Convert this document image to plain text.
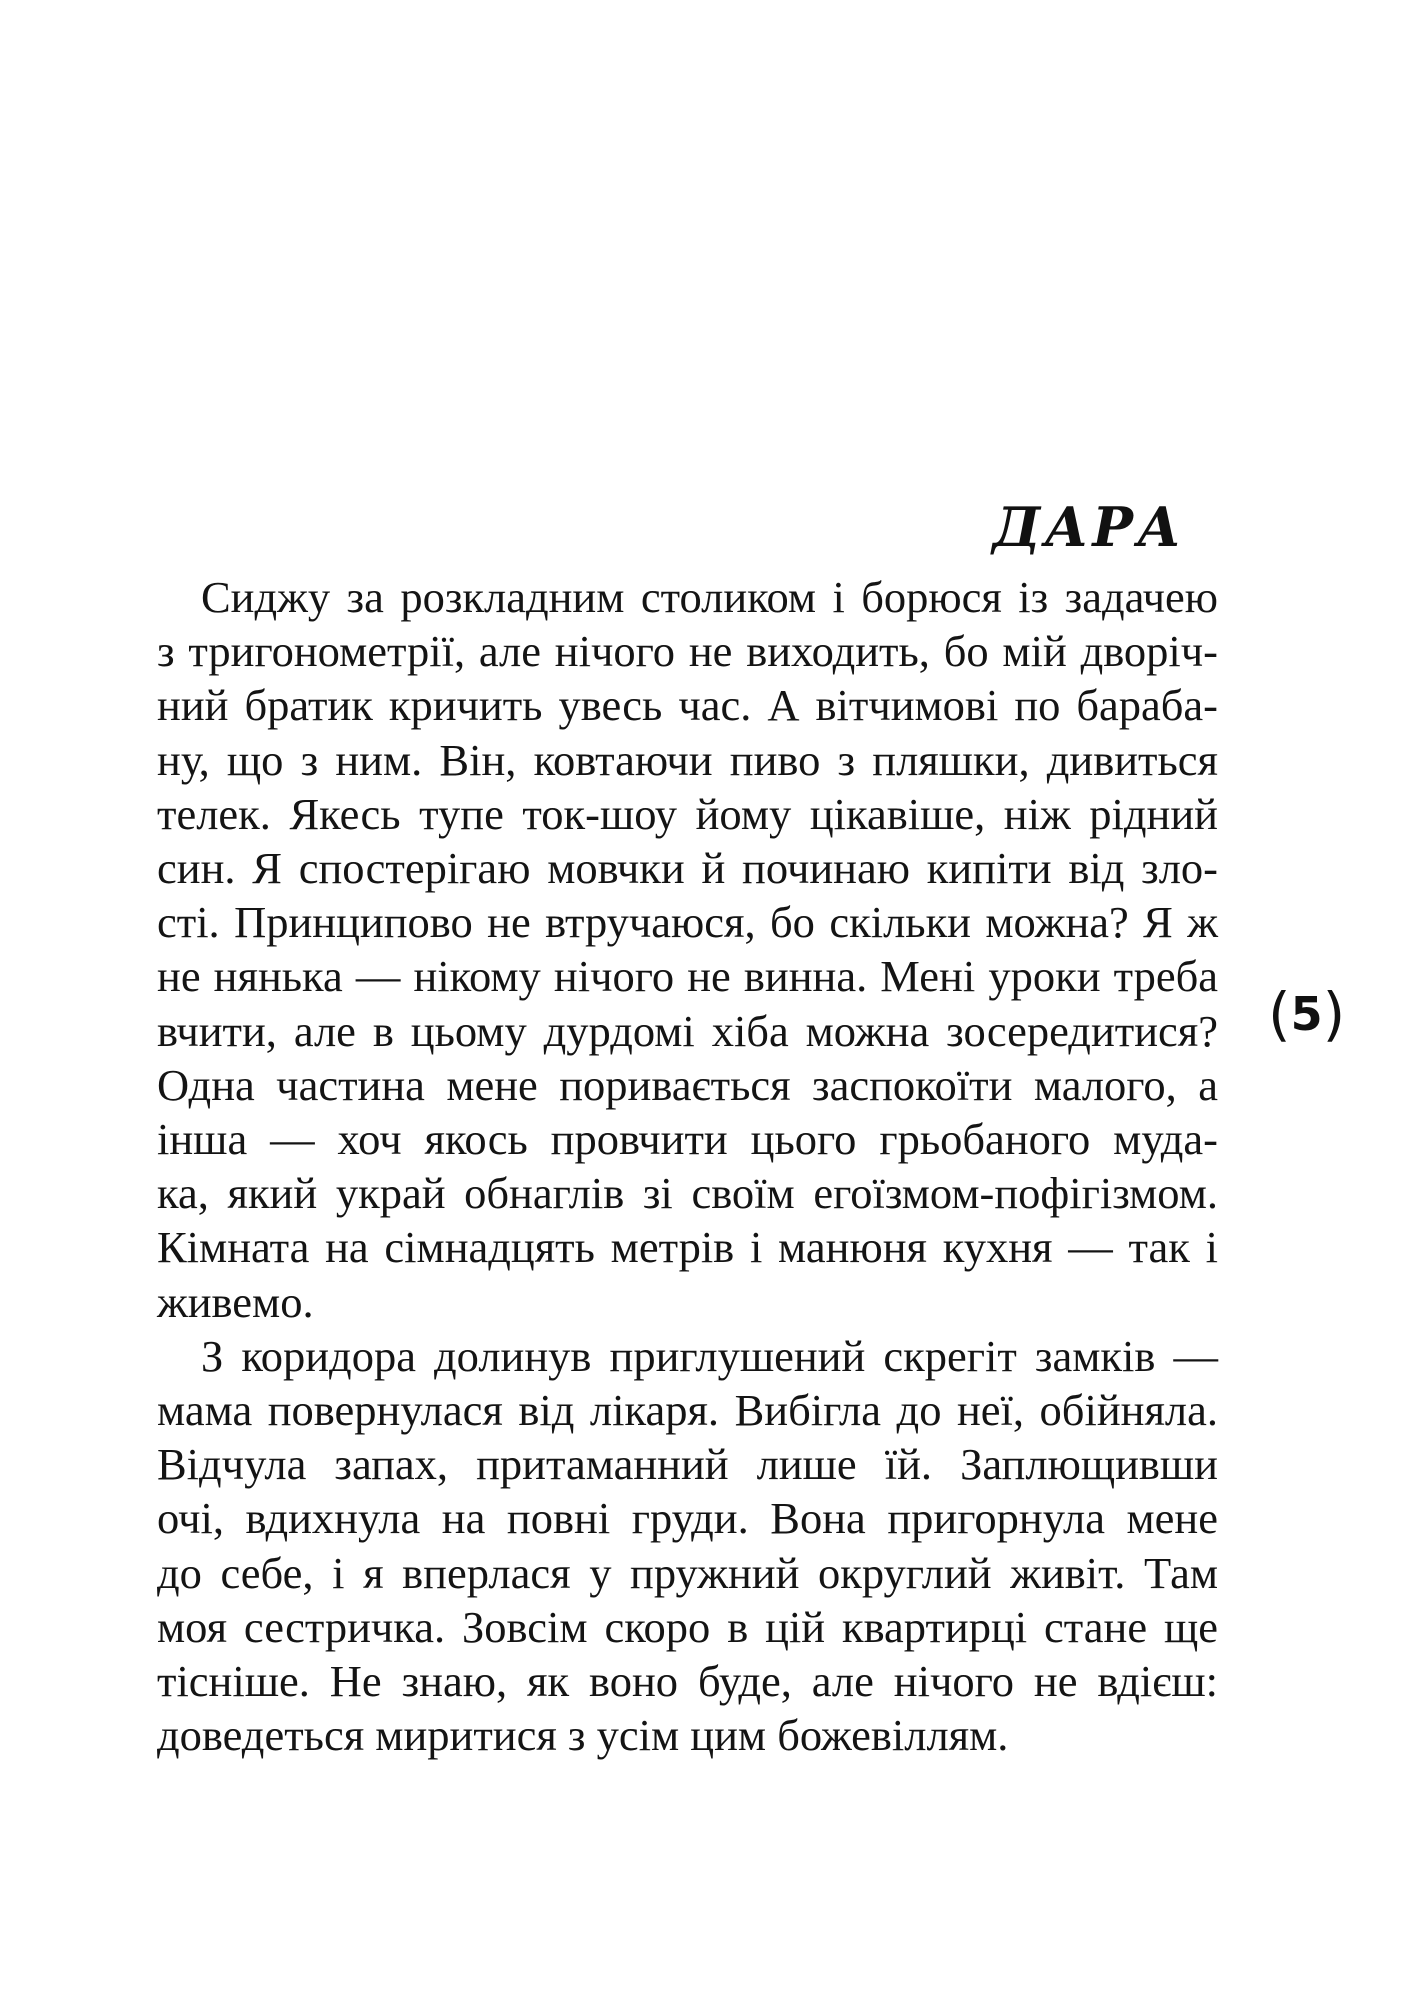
ДАРА
(5)

Сиджу за розкладним столиком і борюся із задачею
з тригонометрії, але нічого не виходить, бо мій дворіч-
ний братик кричить увесь час. А вітчимові по бараба-
ну, що з ним. Він, ковтаючи пиво з пляшки, дивиться
телек. Якесь тупе ток-шоу йому цікавіше, ніж рідний
син. Я спостерігаю мовчки й починаю кипіти від зло-
сті. Принципово не втручаюся, бо скільки можна? Я ж
не нянька — нікому нічого не винна. Мені уроки треба
вчити, але в цьому дурдомі хіба можна зосередитися?
Одна частина мене поривається заспокоїти малого, а
інша — хоч якось провчити цього грьобаного муда-
ка, який украй обнаглів зі своїм егоїзмом-пофігізмом.
Кімната на сімнадцять метрів і манюня кухня — так і
живемо.

З коридора долинув приглушений скрегіт замків —
мама повернулася від лікаря. Вибігла до неї, обійняла.
Відчула запах, притаманний лише їй. Заплющивши
очі, вдихнула на повні груди. Вона пригорнула мене
до себе, і я вперлася у пружний округлий живіт. Там
моя сестричка. Зовсім скоро в цій квартирці стане ще
тісніше. Не знаю, як воно буде, але нічого не вдієш:
доведеться миритися з усім цим божевіллям.
